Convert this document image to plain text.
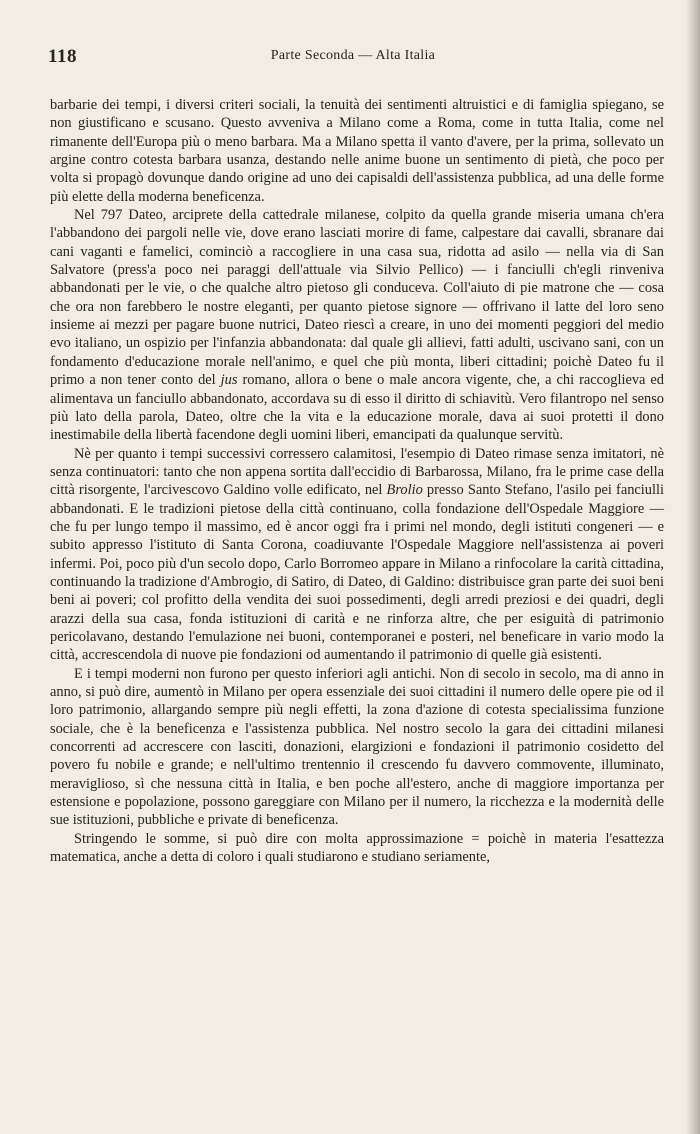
118	Parte Seconda — Alta Italia

barbarie dei tempi, i diversi criteri sociali, la tenuità dei sentimenti altruistici e di famiglia spiegano, se non giustificano e scusano. Questo avveniva a Milano come a Roma, come in tutta Italia, come nel rimanente dell'Europa più o meno barbara. Ma a Milano spetta il vanto d'avere, per la prima, sollevato un argine contro cotesta barbara usanza, destando nelle anime buone un sentimento di pietà, che poco per volta si propagò dovunque dando origine ad uno dei capisaldi dell'assistenza pubblica, ad una delle forme più elette della moderna beneficenza.

Nel 797 Dateo, arciprete della cattedrale milanese, colpito da quella grande miseria umana ch'era l'abbandono dei pargoli nelle vie, dove erano lasciati morire di fame, calpestare dai cavalli, sbranare dai cani vaganti e famelici, cominciò a raccogliere in una casa sua, ridotta ad asilo — nella via di San Salvatore (press'a poco nei paraggi dell'attuale via Silvio Pellico) — i fanciulli ch'egli rinveniva abbandonati per le vie, o che qualche altro pietoso gli conduceva. Coll'aiuto di pie matrone che — cosa che ora non farebbero le nostre eleganti, per quanto pietose signore — offrivano il latte del loro seno insieme ai mezzi per pagare buone nutrici, Dateo riescì a creare, in uno dei momenti peggiori del medio evo italiano, un ospizio per l'infanzia abbandonata: dal quale gli allievi, fatti adulti, uscivano sani, con un fondamento d'educazione morale nell'animo, e quel che più monta, liberi cittadini; poichè Dateo fu il primo a non tener conto del jus romano, allora o bene o male ancora vigente, che, a chi raccoglieva ed alimentava un fanciullo abbandonato, accordava su di esso il diritto di schiavitù. Vero filantropo nel senso più lato della parola, Dateo, oltre che la vita e la educazione morale, dava ai suoi protetti il dono inestimabile della libertà facendone degli uomini liberi, emancipati da qualunque servitù.

Nè per quanto i tempi successivi corressero calamitosi, l'esempio di Dateo rimase senza imitatori, nè senza continuatori: tanto che non appena sortita dall'eccidio di Barbarossa, Milano, fra le prime case della città risorgente, l'arcivescovo Galdino volle edificato, nel Brolio presso Santo Stefano, l'asilo pei fanciulli abbandonati. E le tradizioni pietose della città continuano, colla fondazione dell'Ospedale Maggiore — che fu per lungo tempo il massimo, ed è ancor oggi fra i primi nel mondo, degli istituti congeneri — e subito appresso l'istituto di Santa Corona, coadiuvante l'Ospedale Maggiore nell'assistenza ai poveri infermi. Poi, poco più d'un secolo dopo, Carlo Borromeo appare in Milano a rinfocolare la carità cittadina, continuando la tradizione d'Ambrogio, di Satiro, di Dateo, di Galdino: distribuisce gran parte dei suoi beni beni ai poveri; col profitto della vendita dei suoi possedimenti, degli arredi preziosi e dei quadri, degli arazzi della sua casa, fonda istituzioni di carità e ne rinforza altre, che per esiguità di patrimonio pericolavano, destando l'emulazione nei buoni, contemporanei e posteri, nel beneficare in vario modo la città, accrescendola di nuove pie fondazioni od aumentando il patrimonio di quelle già esistenti.

E i tempi moderni non furono per questo inferiori agli antichi. Non di secolo in secolo, ma di anno in anno, si può dire, aumentò in Milano per opera essenziale dei suoi cittadini il numero delle opere pie od il loro patrimonio, allargando sempre più negli effetti, la zona d'azione di cotesta specialissima funzione sociale, che è la beneficenza e l'assistenza pubblica. Nel nostro secolo la gara dei cittadini milanesi concorrenti ad accrescere con lasciti, donazioni, elargizioni e fondazioni il patrimonio cosidetto del povero fu nobile e grande; e nell'ultimo trentennio il crescendo fu davvero commovente, illuminato, meraviglioso, sì che nessuna città in Italia, e ben poche all'estero, anche di maggiore importanza per estensione e popolazione, possono gareggiare con Milano per il numero, la ricchezza e la modernità delle sue istituzioni, pubbliche e private di beneficenza.

Stringendo le somme, si può dire con molta approssimazione = poichè in materia l'esattezza matematica, anche a detta di coloro i quali studiarono e studiano seriamente,
